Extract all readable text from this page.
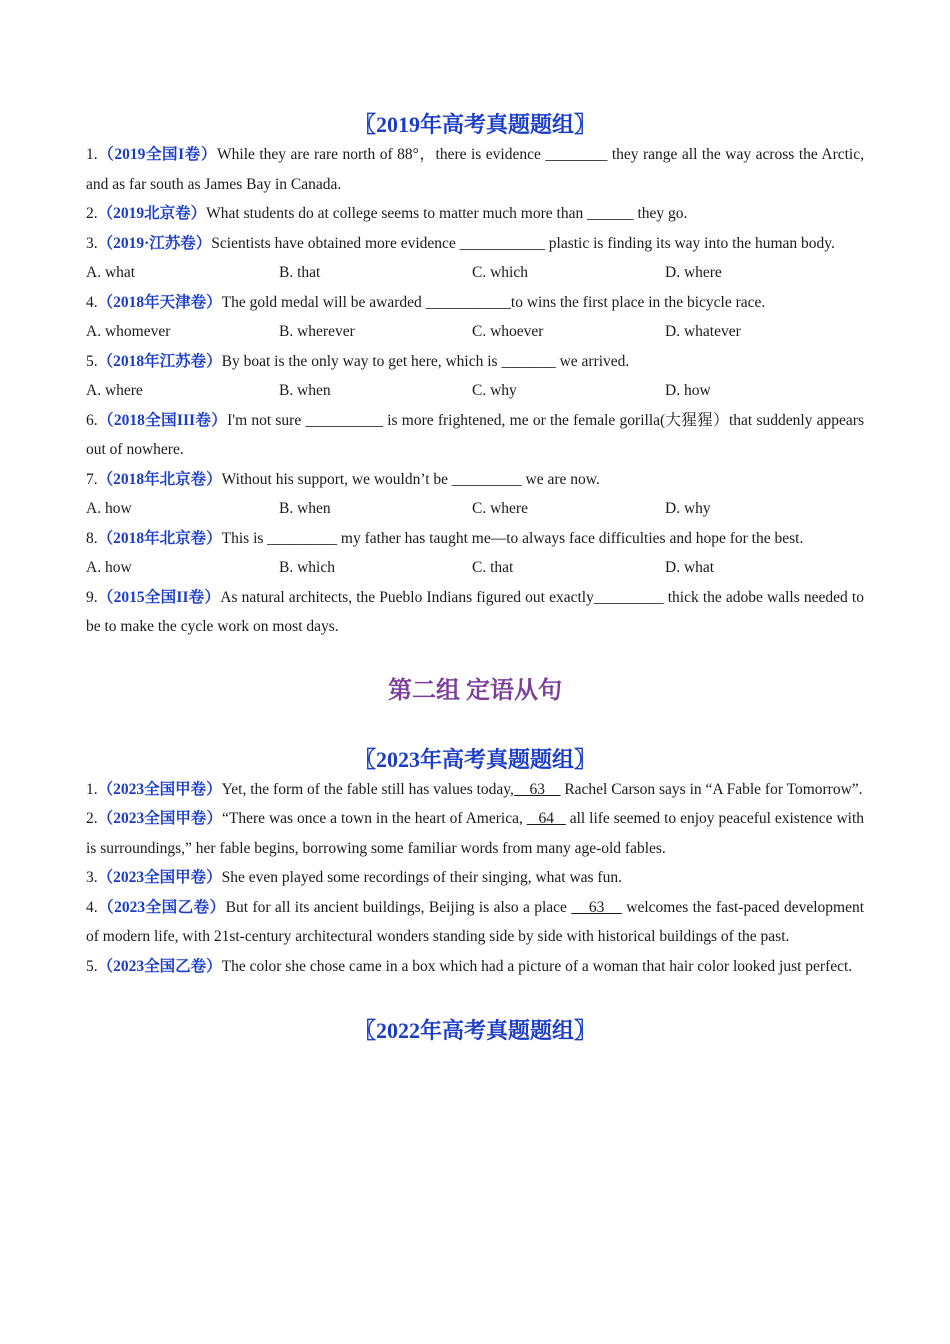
〖2019年高考真题题组〗

1.（2019全国I卷）While they are rare north of 88°，there is evidence ________ they range all the way across the Arctic, and as far south as James Bay in Canada.

2.（2019北京卷）What students do at college seems to matter much more than ______ they go.

3.（2019·江苏卷）Scientists have obtained more evidence ___________ plastic is finding its way into the human body.

A. what	B. that	C. which	D. where

4.（2018年天津卷）The gold medal will be awarded ___________to wins the first place in the bicycle race.

A. whomever	B. wherever	C. whoever	D. whatever

5.（2018年江苏卷）By boat is the only way to get here, which is _______ we arrived.

A. where	B. when	C. why	D. how

6.（2018全国III卷）I'm not sure __________ is more frightened, me or the female gorilla(大猩猩）that suddenly appears out of nowhere.

7.（2018年北京卷）Without his support, we wouldn’t be _________ we are now.

A. how	B. when	C. where	D. why

8.（2018年北京卷）This is _________ my father has taught me—to always face difficulties and hope for the best.

A. how	B. which	C. that	D. what

9.（2015全国II卷）As natural architects, the Pueblo Indians figured out exactly_________ thick the adobe walls needed to be to make the cycle work on most days.

第二组 定语从句

〖2023年高考真题题组〗

1.（2023全国甲卷）Yet, the form of the fable still has values today,    63     Rachel Carson says in “A Fable for Tomorrow”.

2.（2023全国甲卷）“There was once a town in the heart of America,    64    all life seemed to enjoy peaceful existence with is surroundings,” her fable begins, borrowing some familiar words from many age-old fables.

3.（2023全国甲卷）She even played some recordings of their singing, what was fun.

4.（2023全国乙卷）But for all its ancient buildings, Beijing is also a place     63     welcomes the fast-paced development of modern life, with 21st-century architectural wonders standing side by side with historical buildings of the past.

5.（2023全国乙卷）The color she chose came in a box which had a picture of a woman that hair color looked just perfect.

〖2022年高考真题题组〗
